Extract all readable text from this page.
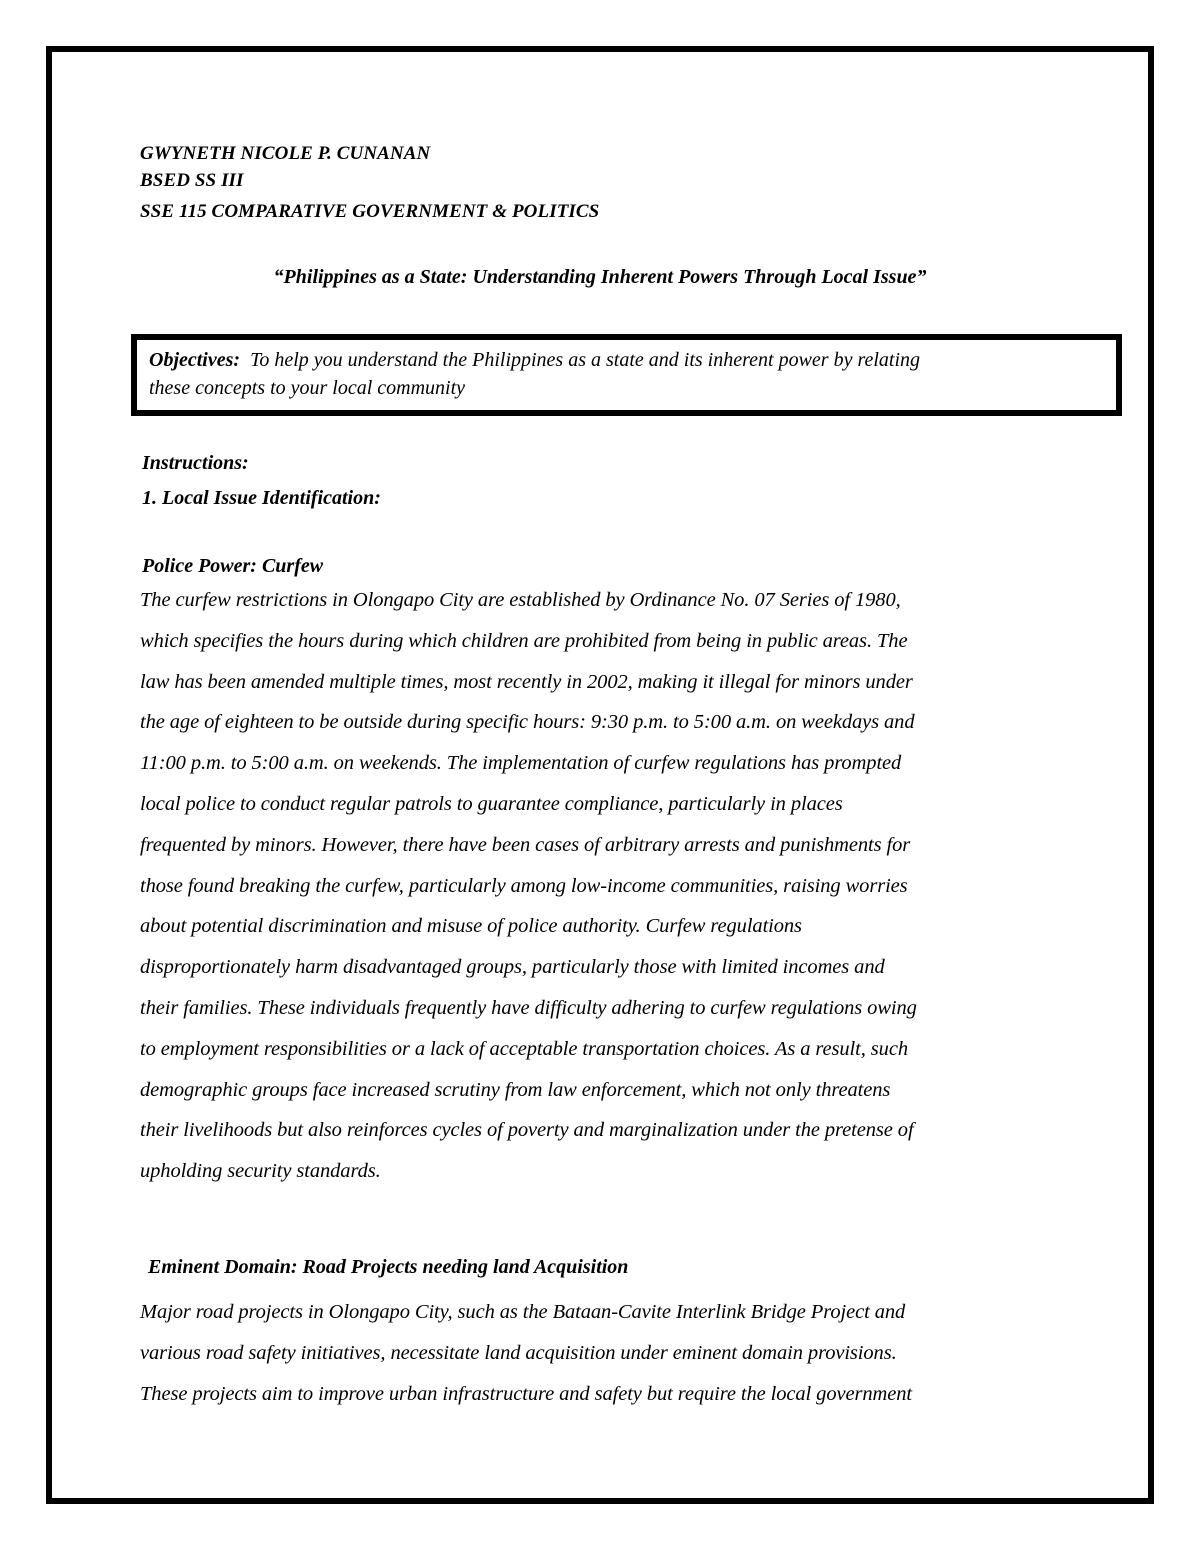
GWYNETH NICOLE P. CUNANAN
BSED SS III
SSE 115 COMPARATIVE GOVERNMENT & POLITICS
“Philippines as a State: Understanding Inherent Powers Through Local Issue”
Objectives: To help you understand the Philippines as a state and its inherent power by relating
these concepts to your local community
Instructions:
1. Local Issue Identification:
Police Power: Curfew
The curfew restrictions in Olongapo City are established by Ordinance No. 07 Series of 1980,
which specifies the hours during which children are prohibited from being in public areas. The
law has been amended multiple times, most recently in 2002, making it illegal for minors under
the age of eighteen to be outside during specific hours: 9:30 p.m. to 5:00 a.m. on weekdays and
11:00 p.m. to 5:00 a.m. on weekends. The implementation of curfew regulations has prompted
local police to conduct regular patrols to guarantee compliance, particularly in places
frequented by minors. However, there have been cases of arbitrary arrests and punishments for
those found breaking the curfew, particularly among low-income communities, raising worries
about potential discrimination and misuse of police authority. Curfew regulations
disproportionately harm disadvantaged groups, particularly those with limited incomes and
their families. These individuals frequently have difficulty adhering to curfew regulations owing
to employment responsibilities or a lack of acceptable transportation choices. As a result, such
demographic groups face increased scrutiny from law enforcement, which not only threatens
their livelihoods but also reinforces cycles of poverty and marginalization under the pretense of
upholding security standards.
Eminent Domain: Road Projects needing land Acquisition
Major road projects in Olongapo City, such as the Bataan-Cavite Interlink Bridge Project and
various road safety initiatives, necessitate land acquisition under eminent domain provisions.
These projects aim to improve urban infrastructure and safety but require the local government
